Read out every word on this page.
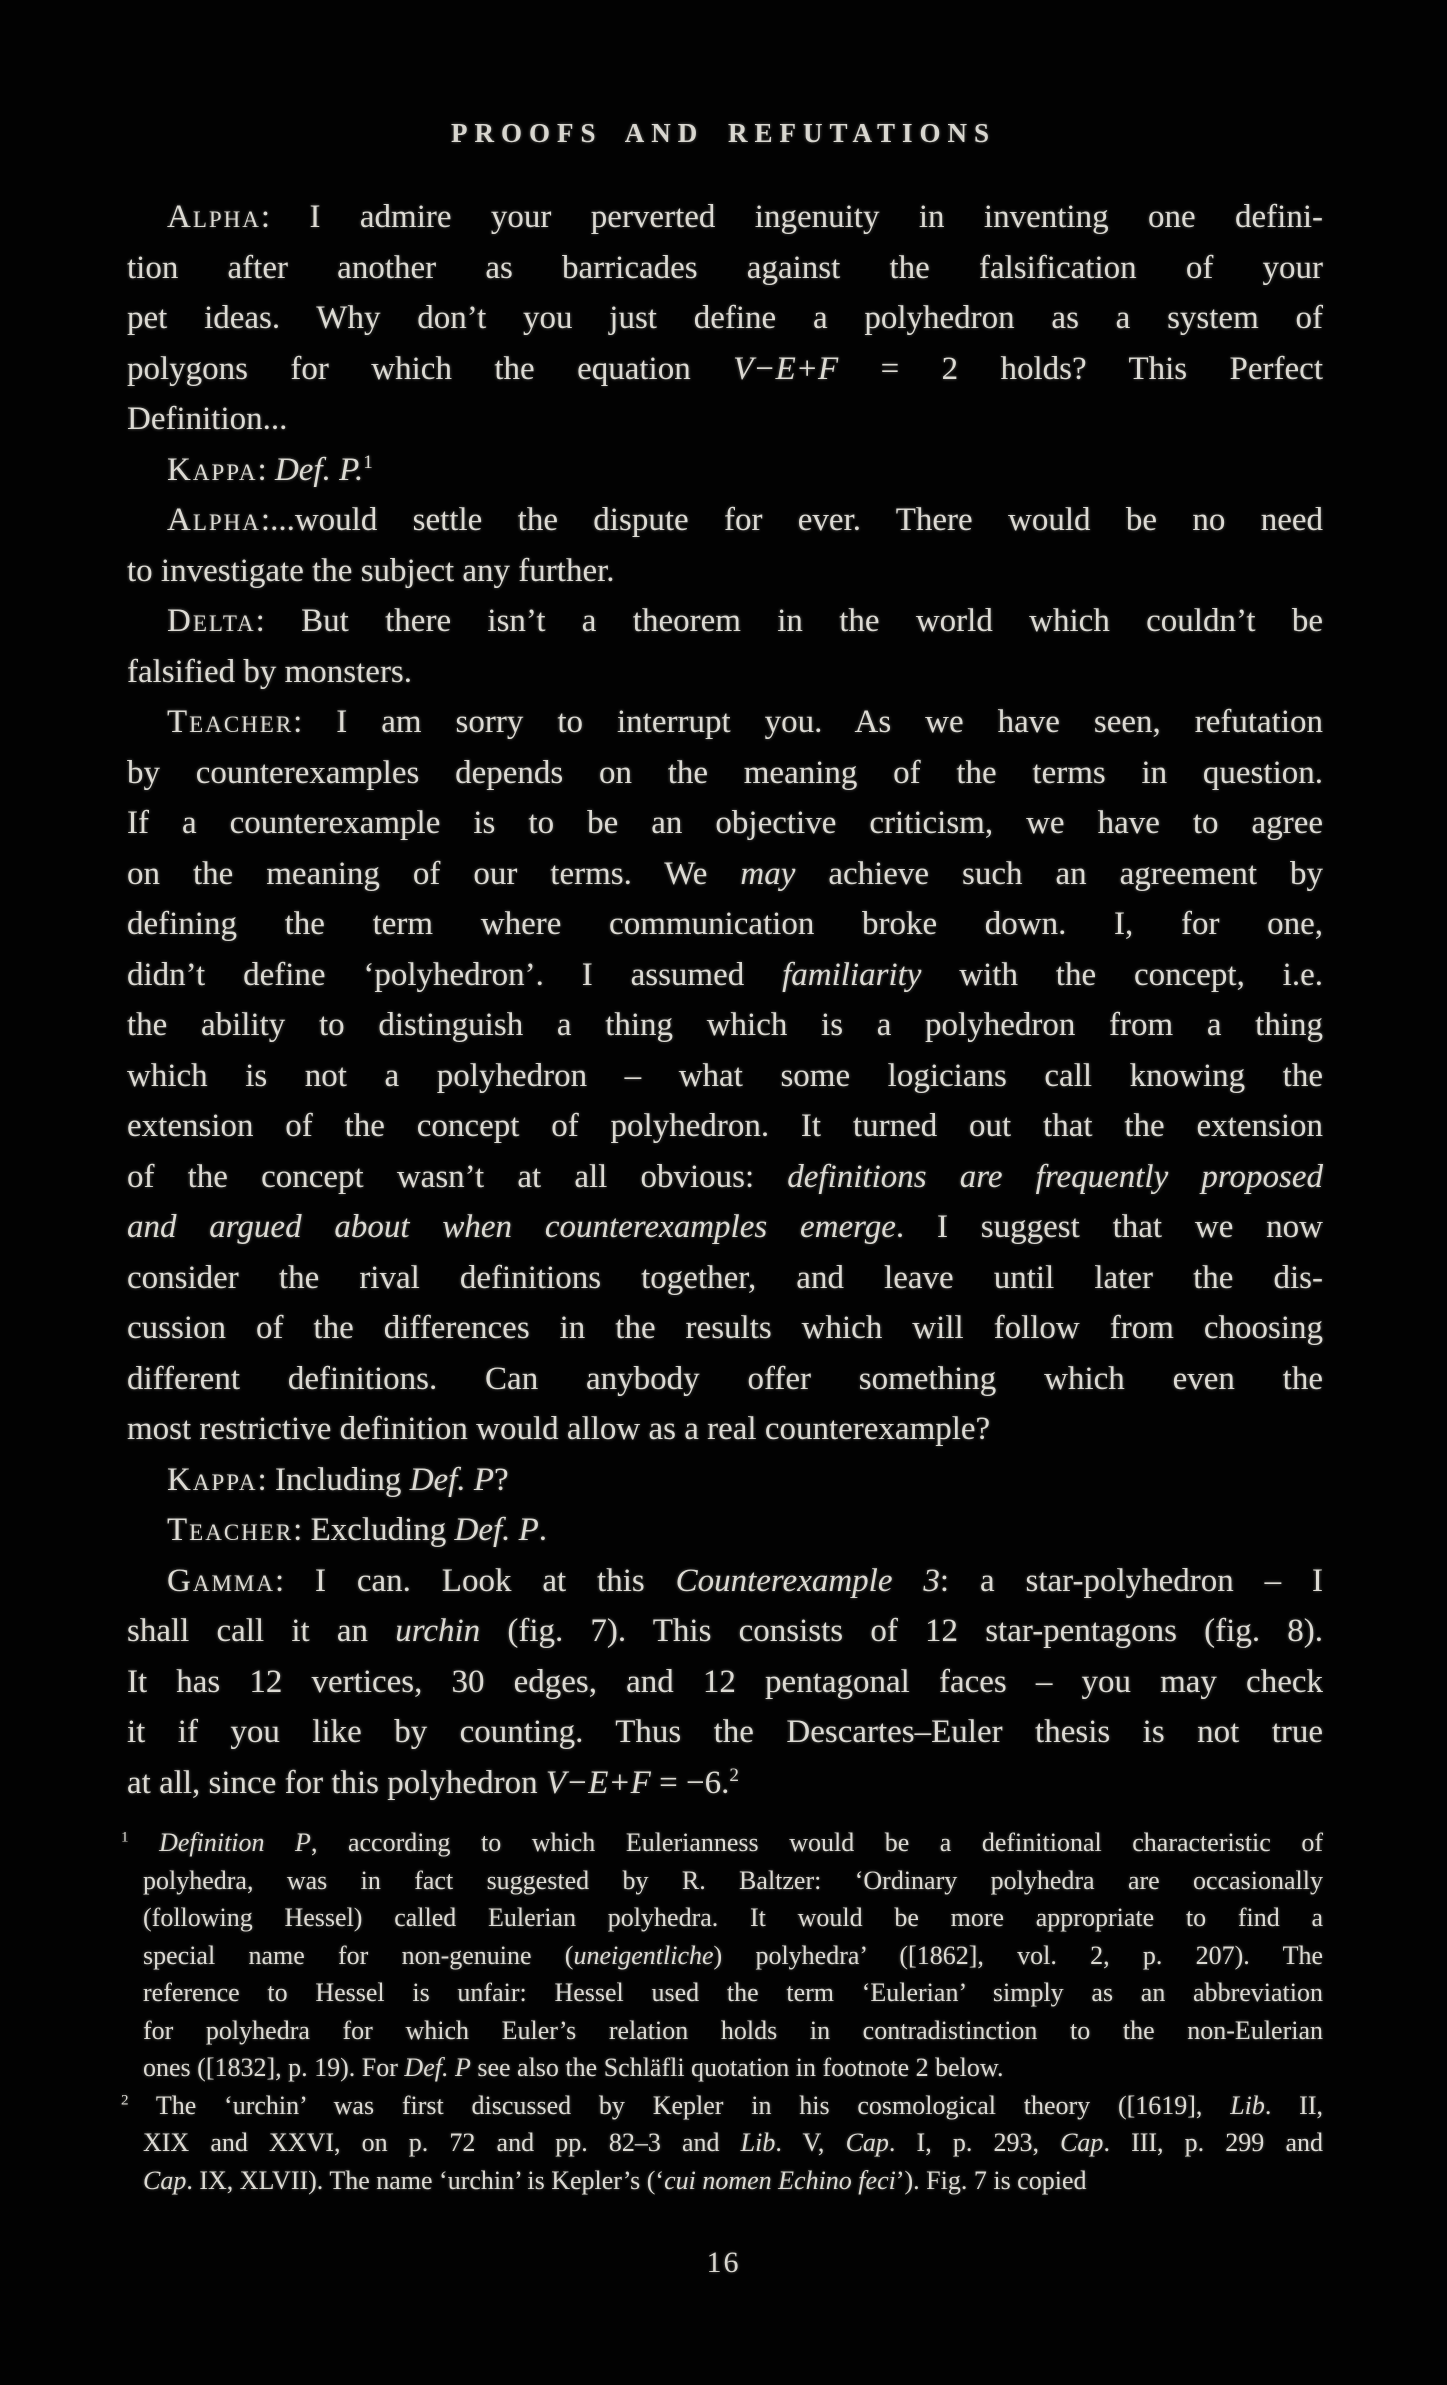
PROOFS AND REFUTATIONS
Alpha: I admire your perverted ingenuity in inventing one defini-
tion after another as barricades against the falsification of your
pet ideas. Why don’t you just define a polyhedron as a system of
polygons for which the equation V−E+F = 2 holds? This Perfect
Definition...
Kappa: Def. P.$^1$
Alpha:...would settle the dispute for ever. There would be no need
to investigate the subject any further.
Delta: But there isn’t a theorem in the world which couldn’t be
falsified by monsters.
Teacher: I am sorry to interrupt you. As we have seen, refutation
by counterexamples depends on the meaning of the terms in question.
If a counterexample is to be an objective criticism, we have to agree
on the meaning of our terms. We may achieve such an agreement by
defining the term where communication broke down. I, for one,
didn’t define ‘polyhedron’. I assumed familiarity with the concept, i.e.
the ability to distinguish a thing which is a polyhedron from a thing
which is not a polyhedron – what some logicians call knowing the
extension of the concept of polyhedron. It turned out that the extension
of the concept wasn’t at all obvious: definitions are frequently proposed
and argued about when counterexamples emerge. I suggest that we now
consider the rival definitions together, and leave until later the dis-
cussion of the differences in the results which will follow from choosing
different definitions. Can anybody offer something which even the
most restrictive definition would allow as a real counterexample?
Kappa: Including Def. P?
Teacher: Excluding Def. P.
Gamma: I can. Look at this Counterexample 3: a star-polyhedron – I
shall call it an urchin (fig. 7). This consists of 12 star-pentagons (fig. 8).
It has 12 vertices, 30 edges, and 12 pentagonal faces – you may check
it if you like by counting. Thus the Descartes–Euler thesis is not true
at all, since for this polyhedron V−E+F = −6.$^2$
$^1$ Definition P, according to which Eulerianness would be a definitional characteristic of
polyhedra, was in fact suggested by R. Baltzer: ‘Ordinary polyhedra are occasionally
(following Hessel) called Eulerian polyhedra. It would be more appropriate to find a
special name for non-genuine (uneigentliche) polyhedra’ ([1862], vol. 2, p. 207). The
reference to Hessel is unfair: Hessel used the term ‘Eulerian’ simply as an abbreviation
for polyhedra for which Euler’s relation holds in contradistinction to the non-Eulerian
ones ([1832], p. 19). For Def. P see also the Schläfli quotation in footnote 2 below.
$^2$ The ‘urchin’ was first discussed by Kepler in his cosmological theory ([1619], Lib. II,
XIX and XXVI, on p. 72 and pp. 82–3 and Lib. V, Cap. I, p. 293, Cap. III, p. 299 and
Cap. IX, XLVII). The name ‘urchin’ is Kepler’s (‘cui nomen Echino feci’). Fig. 7 is copied
16
